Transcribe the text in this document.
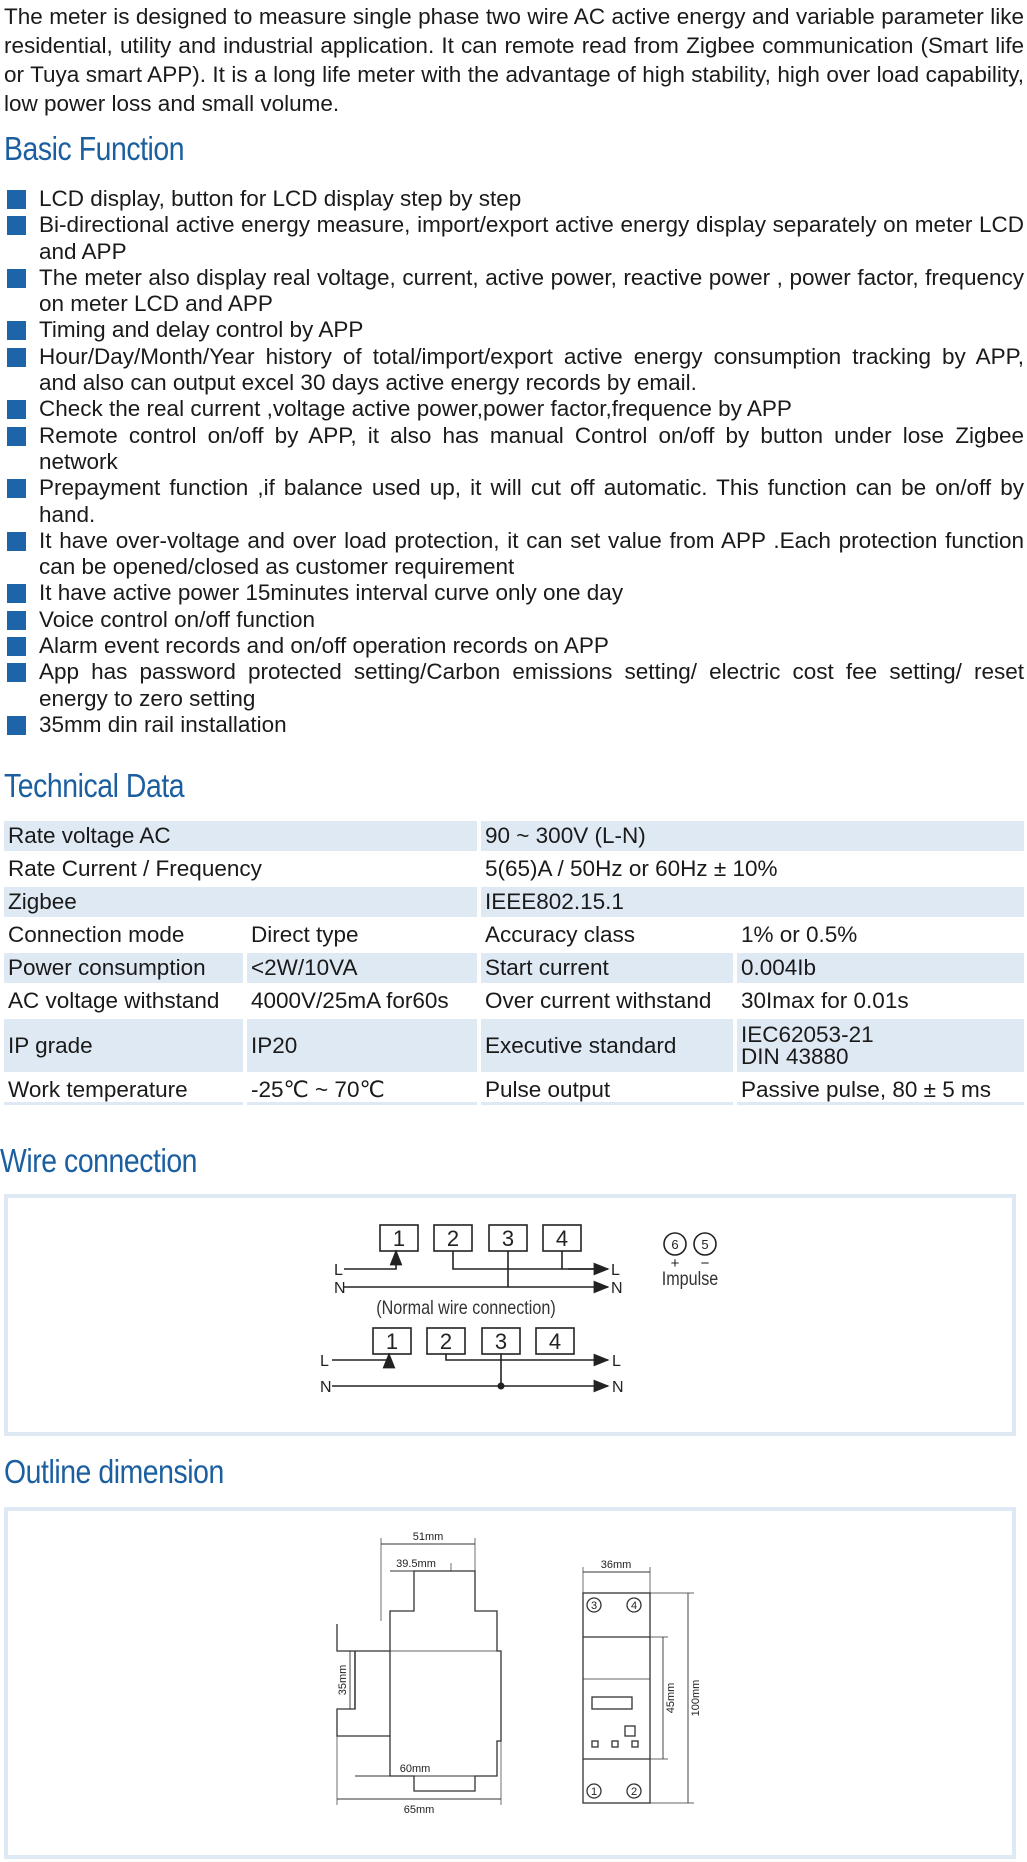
The meter is designed to measure single phase two wire AC active energy and variable parameter like residential, utility and industrial application. It can remote read from Zigbee communication (Smart life or Tuya smart APP). It is a long life meter with the advantage of high stability, high over load capability, low power loss and small volume.

Basic Function
LCD display, button for LCD display step by step
Bi-directional active energy measure, import/export active energy display separately on meter LCD and APP
The meter also display real voltage, current, active power, reactive power , power factor, frequency on meter LCD and APP
Timing and delay control by APP
Hour/Day/Month/Year history of total/import/export active energy consumption tracking by APP, and also can output excel 30 days active energy records by email.
Check the real current ,voltage active power,power factor,frequence by APP
Remote control on/off by APP, it also has manual Control on/off by button under lose Zigbee network
Prepayment function ,if balance used up, it will cut off automatic. This function can be on/off by hand.
It have over-voltage and over load protection, it can set value from APP .Each protection function can be opened/closed as customer requirement
It have active power 15minutes interval curve only one day
Voice control on/off function
Alarm event records and on/off operation records on APP
App has password protected setting/Carbon emissions setting/ electric cost fee setting/ reset energy to zero setting
35mm din rail installation
Technical Data
Rate voltage AC		90 ~ 300V (L-N)	
Rate Current / Frequency		5(65)A / 50Hz or 60Hz ± 10%	
Zigbee		IEEE802.15.1	
Connection mode	Direct type	Accuracy class	1% or 0.5%
Power consumption	<2W/10VA	Start current	0.004Ib
AC voltage withstand	4000V/25mA for60s	Over current withstand	30Imax for 0.01s
IP grade	IP20	Executive standard	IEC62053-21
DIN 43880

Work temperature	-25℃ ~ 70℃	Pulse output	Passive pulse, 80 ± 5 ms
Wire connection
1 2 3 4
1 2 3 4
L
N
L
N
L
N
L
N
(Normal wire connection)
6 5
+ −
Impulse
Outline dimension
51mm
39.5mm
35mm
60mm
65mm
36mm
45mm 100mm
3	4
1	2
